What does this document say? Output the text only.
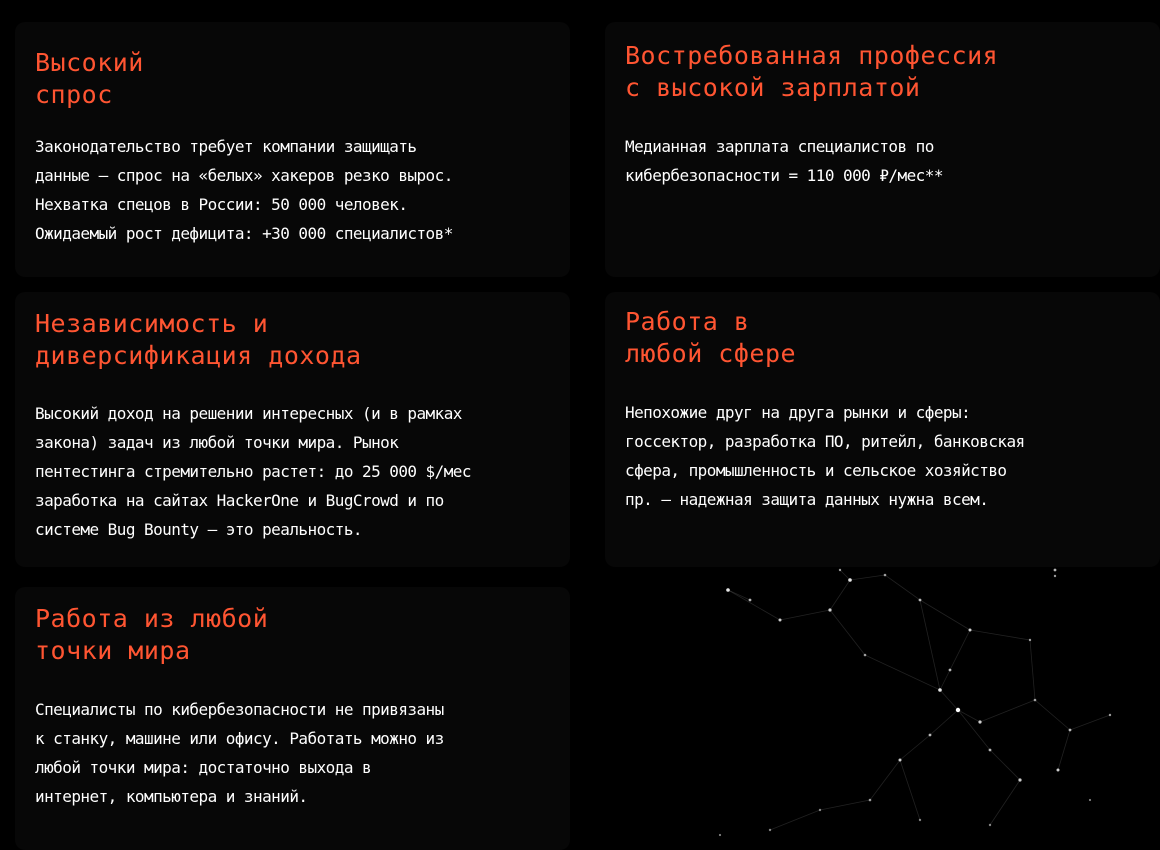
Высокий
спрос

Законодательство требует компании защищать
данные — спрос на «белых» хакеров резко вырос.
Нехватка спецов в России: 50 000 человек.
Ожидаемый рост дефицита: +30 000 специалистов*

Востребованная профессия
с высокой зарплатой

Медианная зарплата специалистов по
кибербезопасности = 110 000 ₽/мес**

Независимость и
диверсификация дохода

Высокий доход на решении интересных (и в рамках
закона) задач из любой точки мира. Рынок
пентестинга стремительно растет: до 25 000 $/мес
заработка на сайтах HackerOne и BugCrowd и по
системе Bug Bounty — это реальность.

Работа в
любой сфере

Непохожие друг на друга рынки и сферы:
госсектор, разработка ПО, ритейл, банковская
сфера, промышленность и сельское хозяйство
пр. — надежная защита данных нужна всем.

Работа из любой
точки мира

Специалисты по кибербезопасности не привязаны
к станку, машине или офису. Работать можно из
любой точки мира: достаточно выхода в
интернет, компьютера и знаний.
